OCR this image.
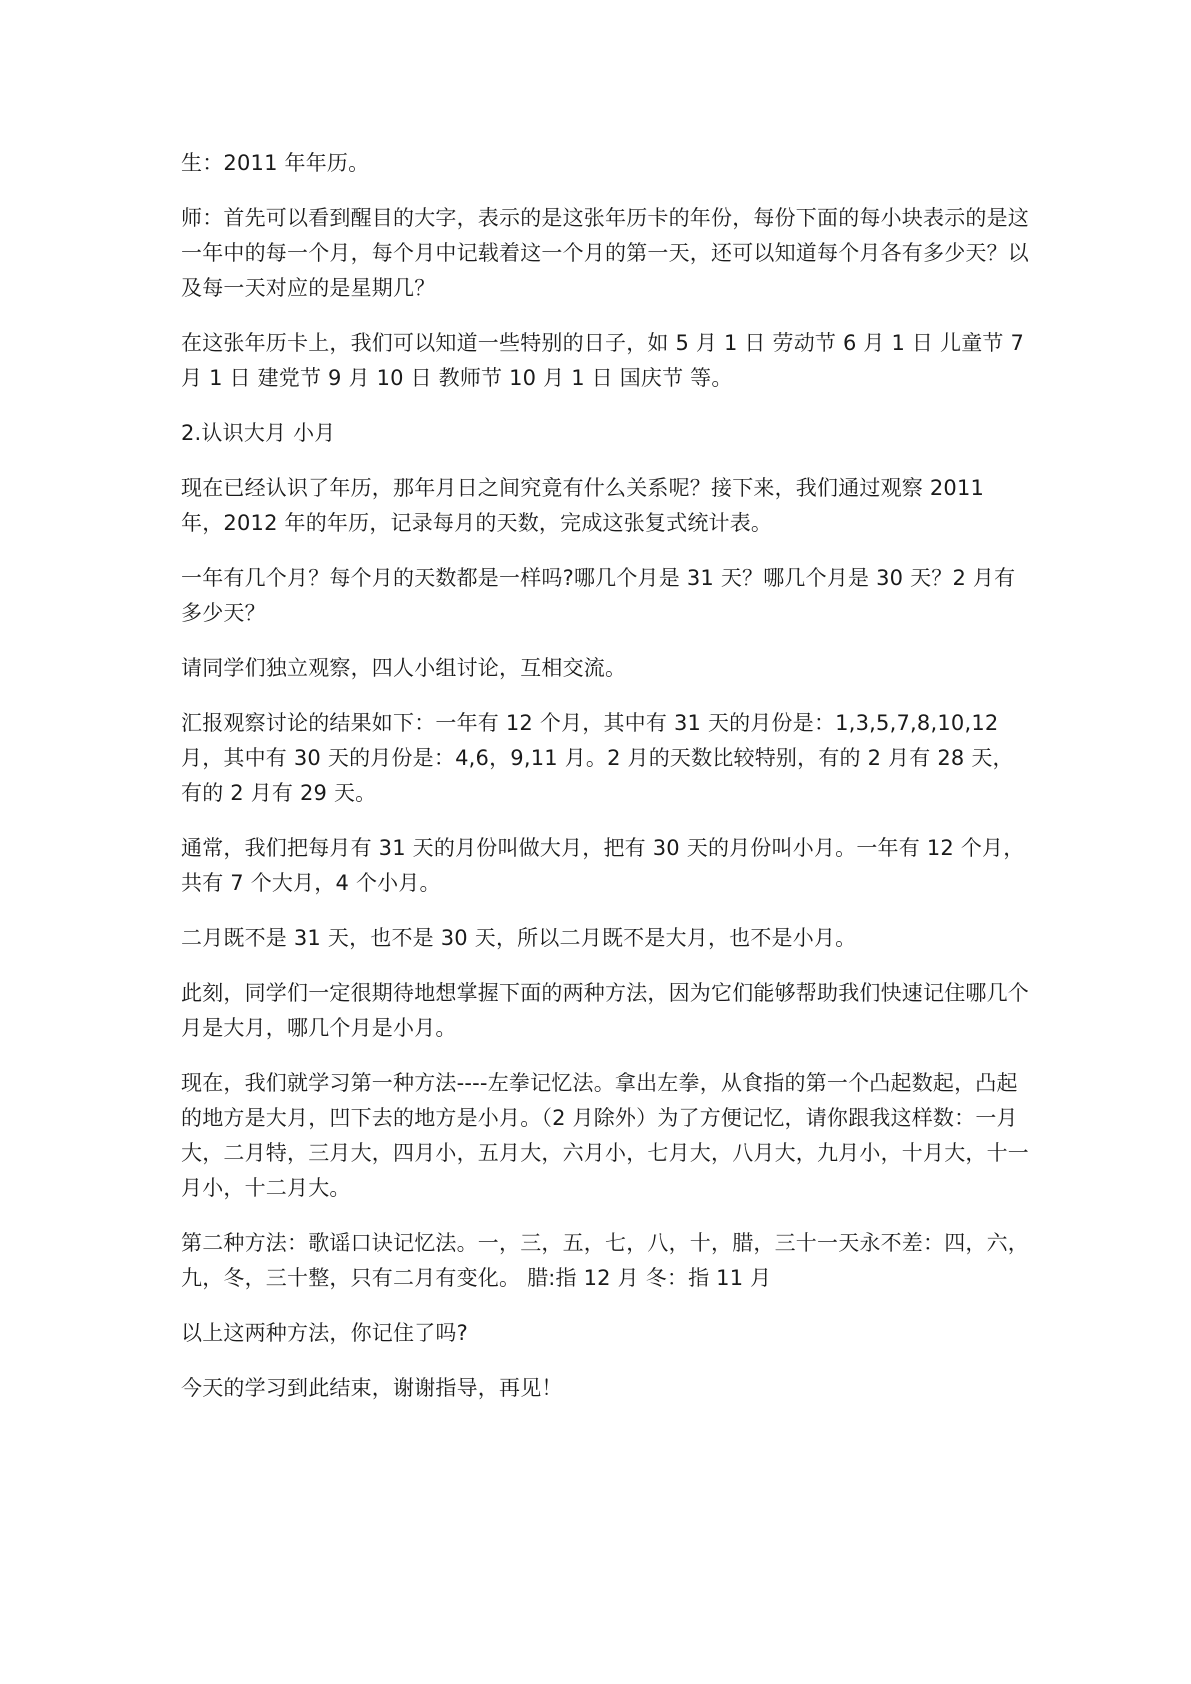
生：2011 年年历。

师：首先可以看到醒目的大字，表示的是这张年历卡的年份，每份下面的每小块表示的是这一年中的每一个月，每个月中记载着这一个月的第一天，还可以知道每个月各有多少天？以及每一天对应的是星期几？

在这张年历卡上，我们可以知道一些特别的日子，如 5 月 1 日 劳动节 6 月 1 日 儿童节 7 月 1 日 建党节 9 月 10 日 教师节 10 月 1 日 国庆节 等。

2.认识大月 小月

现在已经认识了年历，那年月日之间究竟有什么关系呢？接下来，我们通过观察 2011 年，2012 年的年历，记录每月的天数，完成这张复式统计表。

一年有几个月？每个月的天数都是一样吗?哪几个月是 31 天？哪几个月是 30 天？2 月有多少天？

请同学们独立观察，四人小组讨论，互相交流。

汇报观察讨论的结果如下：一年有 12 个月，其中有 31 天的月份是：1,3,5,7,8,10,12 月，其中有 30 天的月份是：4,6，9,11 月。2 月的天数比较特别，有的 2 月有 28 天，有的 2 月有 29 天。

通常，我们把每月有 31 天的月份叫做大月，把有 30 天的月份叫小月。一年有 12 个月，共有 7 个大月，4 个小月。

二月既不是 31 天，也不是 30 天，所以二月既不是大月，也不是小月。

此刻，同学们一定很期待地想掌握下面的两种方法，因为它们能够帮助我们快速记住哪几个月是大月，哪几个月是小月。

现在，我们就学习第一种方法----左拳记忆法。拿出左拳，从食指的第一个凸起数起，凸起的地方是大月，凹下去的地方是小月。（2 月除外）为了方便记忆，请你跟我这样数：一月大，二月特，三月大，四月小，五月大，六月小，七月大，八月大，九月小，十月大，十一月小，十二月大。

第二种方法：歌谣口诀记忆法。一，三，五，七，八，十，腊，三十一天永不差：四，六，九，冬，三十整，只有二月有变化。 腊:指 12 月 冬：指 11 月

以上这两种方法，你记住了吗?

今天的学习到此结束，谢谢指导，再见！
